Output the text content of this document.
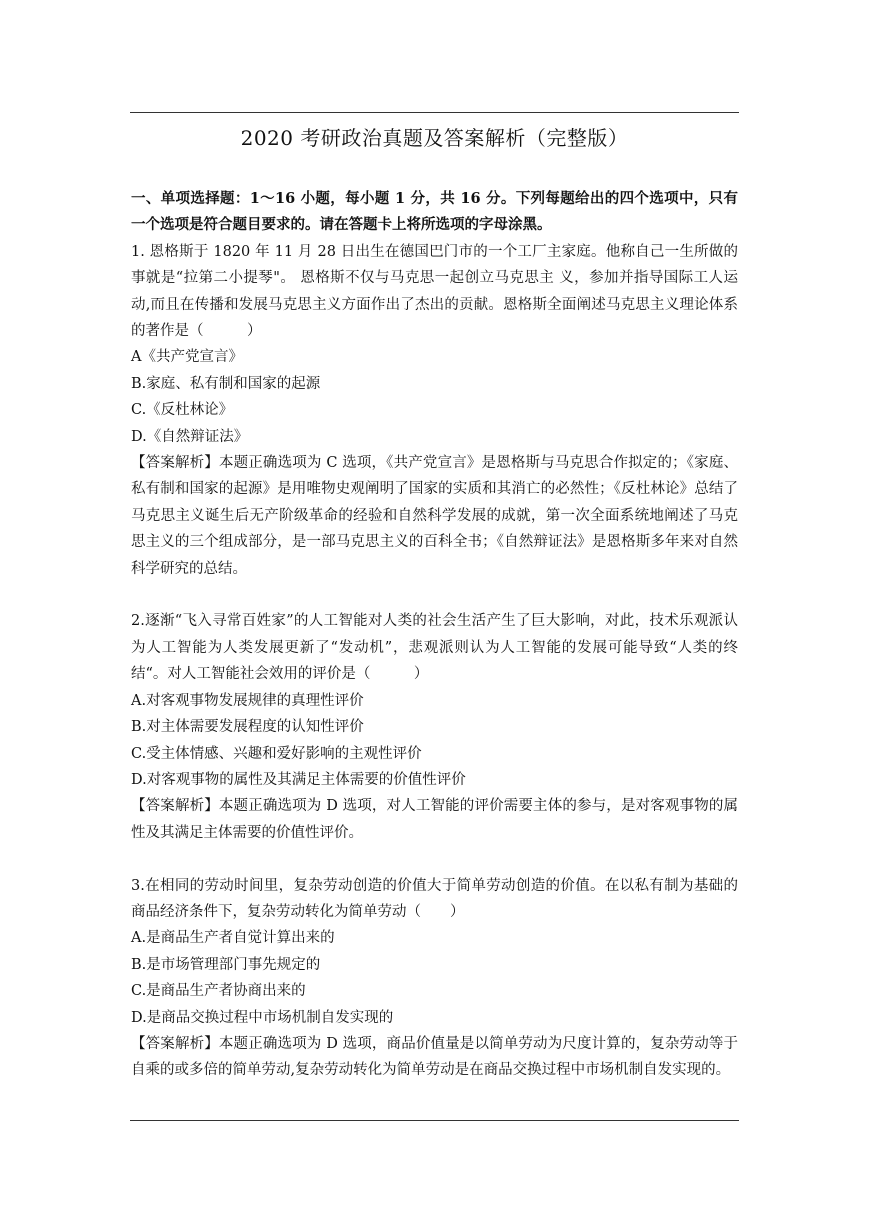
2020 考研政治真题及答案解析（完整版）

一、单项选择题：1～16 小题，每小题 1 分，共 16 分。下列每题给出的四个选项中，只有一个选项是符合题目要求的。请在答题卡上将所选项的字母涂黑。

1. 恩格斯于 1820 年 11 月 28 日出生在德国巴门市的一个工厂主家庭。他称自己一生所做的事就是“拉第二小提琴"。 恩格斯不仅与马克思一起创立马克思主 义，参加并指导国际工人运动,而且在传播和发展马克思主义方面作出了杰出的贡献。恩格斯全面阐述马克思主义理论体系的著作是（　　　）

A《共产党宣言》

B.家庭、私有制和国家的起源

C.《反杜林论》

D.《自然辩证法》

【答案解析】本题正确选项为 C 选项，《共产党宣言》是恩格斯与马克思合作拟定的；《家庭、私有制和国家的起源》是用唯物史观阐明了国家的实质和其消亡的必然性；《反杜林论》总结了马克思主义诞生后无产阶级革命的经验和自然科学发展的成就，第一次全面系统地阐述了马克思主义的三个组成部分，是一部马克思主义的百科全书；《自然辩证法》是恩格斯多年来对自然科学研究的总结。

2.逐渐“飞入寻常百姓家”的人工智能对人类的社会生活产生了巨大影响，对此，技术乐观派认为人工智能为人类发展更新了“发动机”，悲观派则认为人工智能的发展可能导致“人类的终结“。对人工智能社会效用的评价是（　　　）

A.对客观事物发展规律的真理性评价

B.对主体需要发展程度的认知性评价

C.受主体情感、兴趣和爱好影响的主观性评价

D.对客观事物的属性及其满足主体需要的价值性评价

【答案解析】本题正确选项为 D 选项，对人工智能的评价需要主体的参与，是对客观事物的属性及其满足主体需要的价值性评价。

3.在相同的劳动时间里，复杂劳动创造的价值大于简单劳动创造的价值。在以私有制为基础的商品经济条件下，复杂劳动转化为简单劳动（　　）

A.是商品生产者自觉计算出来的

B.是市场管理部门事先规定的

C.是商品生产者协商出来的

D.是商品交换过程中市场机制自发实现的

【答案解析】本题正确选项为 D 选项，商品价值量是以简单劳动为尺度计算的，复杂劳动等于自乘的或多倍的简单劳动,复杂劳动转化为简单劳动是在商品交换过程中市场机制自发实现的。
